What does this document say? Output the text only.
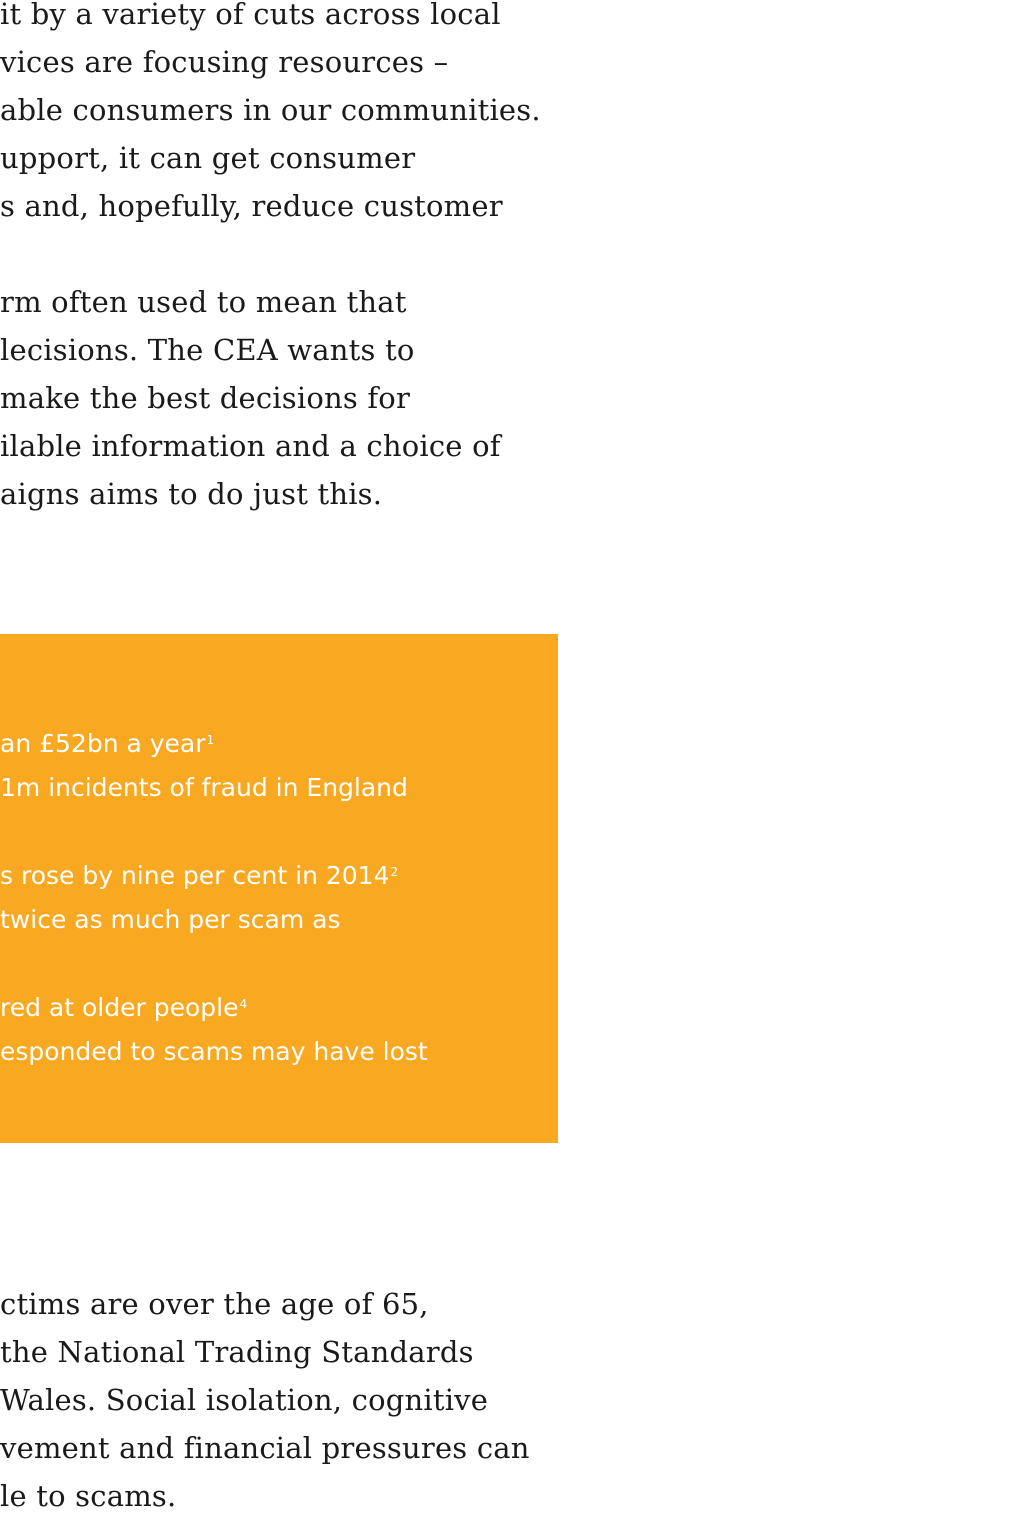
it by a variety of cuts across local
vices are focusing resources –
able consumers in our communities.
upport, it can get consumer
s and, hopefully, reduce customer
rm often used to mean that
lecisions. The CEA wants to
make the best decisions for
ilable information and a choice of
aigns aims to do just this.
an £52bn a year$^1$
1m incidents of fraud in England
s rose by nine per cent in 2014$^2$
twice as much per scam as
red at older people$^4$
esponded to scams may have lost
ctims are over the age of 65,
the National Trading Standards
Wales. Social isolation, cognitive
vement and financial pressures can
le to scams.
